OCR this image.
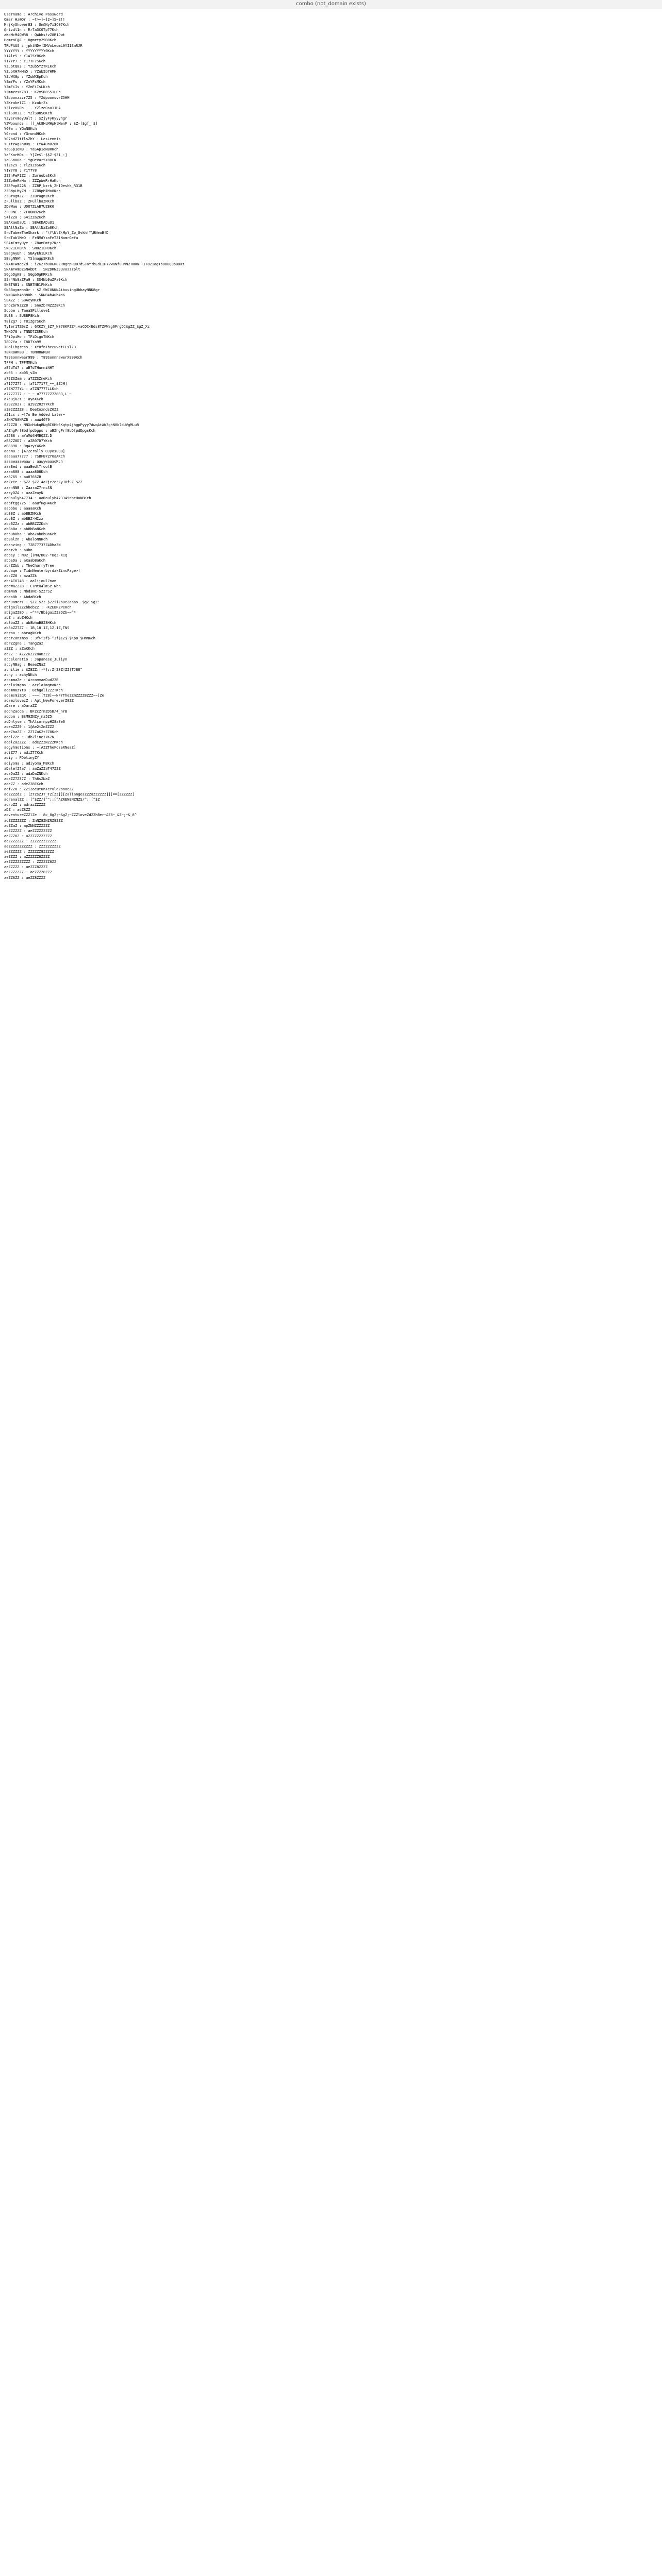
combo (not_domain exists)
Username : Archive Password
Omar Hz@Qr : ~t>~]~]2~]S~E!!
MrjKyShower83 : Qn@Ny7i3C07Kch
@ntvdl1n : Rr7a3C0Tp77Kch
aKoMcM4QWR8 : QWbhs!vZ8R1Jwt
HgmroF@Z : HgmrtyZ9R8Kch
TRUFAUS : jpktNDv!ZMVoLeomL9YI1SmRJR
YYYYYYY : YYYYYYYYY0Kch
Y1Alr5 : Y1Al5YBKch
Y17Yr7 : Y177F7SKch
YZubtQ83 : YZub5YZTRLKch
YZubXH7HHm5 : YZub5b7HMH
YZuWX8p : YZuWX8pKch
YZmYFs : YZmYFsMKch
YZmFiIs : YZmFiIsLKch
YZmmzzsKZ83 : KZmSR8S51L0h
YZdponzzzr7Z5 : YZdpoonsvrZ5HM
YZKrakelZ1 : KzakrZs
YZlzzHVDh ... YZlzeOsa11HA
YZlSDn3Z : YZlSDnSOKch
YZysrvmeyUalt : $ZjyFyKyyyhgr
Y2Wpounds : [[_Ak8HcMHpHtMenF : $Z-[$gf_ $]
YG0a : YGaN8Kch
YGrond : YGrondHKch
YG7bdZTtflsZhY : LesLennis
YLztzAgZnWDy : LtW4UnDZ8K
YaGSp1eNB : YaSAp1eNBRKch
YaFKorMOs : Y[Ze$l-$$Z-$Z1_:]
YaGSnH8a : YgOeVar5Y8HCK
YiZsZs : YlZsZsSKch
Y1Y7Y8 : Y1Y7Y8
ZZlnFeF1Z2 : ZurnobaSKch
ZZZpWeRrHa : ZZZpWeRrHaKch
ZZ8Pop8228 : ZZ8P_bzrk_ZhIDeshk_R31B
ZZBNpLMyZM : ZZBNpMIMo8Kch
ZZBragmZZ : ZZBragmZKch
ZFullbaZ : ZFullbaZRKch
ZDeWae : UDOTZLAB7UZBK0
ZFUONE : ZFUON82Kch
S4iZZa : S4iZZa2Kch
SBAKaeDaU1 : SBAKDADuU1
SBAttNaZa : SBAttNaZa8Kch
SrdTabeeTheShark : "\Y\N\Z\MpY_Zp_Ovkh!"\BNeuB!D
SrdTablMeD : FrNMdYsnFeTZ1NamrGefa
SBAmEmtyUye : Z8amEmtyZKch
SNOZ1LROKh : SNOZ1LROKch
SBagAyEh : SBAyEh1LKch
SBagNNWh : YSlmagpSK8ch
SNAmTAmeeZd : iZKZ7bO8GR8ZRWgrpRuD7dSJaY7bEdL1HY2waNf0HNN2TNWaTT1T8Z1agTbDDBQQpBDXt
SNAmTAmDZSNAbDt : SNZDRNZ9Uvoszzplt
SGgbDgK8 : SGgbOgKRKch
SSr4Nb9aZFa9 : SS4Nb9aZFa9Kch
SNBTNB1 : SNBTNB1FhKch
SNBBaymennOr : $Z.SWCUNKNAibuvingUbbayNNK8gr
SNNB4ub4n8NDb : SNNB4b4ub4n6
SBAZZ : SBAeyNKch
SnoZbrNZZZ8 : SnoZbrNZZZ8Kch
Sobbe : TaeaSPillove1
SUBB : SUBBP8Kch
T8iZg7 : T8iZg7SKch
TyIer1TZ0sZ : 6XKZY_$Z7_N878KPZZ*.vaCOC<Eds8TZFWag6FrgDJ$gZZ_$gZ_Xz
TNND78 : TNND7ZSRKch
TFiDpiMo : TFiDigoTNKch
T8D7Ya : T8D7Ya9M
TBolLbgress : XYOfnThecuvetTLslZ3
T8NR8WR8B : T8NR8WRBR
T89Sonnwaer999 : T89SonnnawerX999Kch
TFFM : TFFMMKch
aB7dTd7 : aB7dTHumniNHT
ab05 : ab05_vZm
a72ZSZmm : a7ZZSZmeKch
a7177Z77 : [a7177177_~~_$ZJM]
a7ZN777YL : a7ZN7777LLKch
a7777777 : ~_~_u77777Z7Z8R3,L_~
a7aBj8Zz : ayaXKch
a2922027 : a292202Y7Kch
aZ02ZZZZ8 : DeeCoxndsZ0ZZ
a21cs : ~!7o Be Added Later~
aZNN7N8NRZB : aaW4079
aZ7ZZB : NNXcHukqBNgBI0Hb6Kqtp4jhgpPyyy7dwqAtAW3ghN0b7dUVgMLuR
aAZhgFrf8bdfpdbgps : aBZhgFrf8bDfpdDpgsKch
aZ5B8 : aYaMd4HMBQZZ.D
aB87Z8D7 : aZ807D7YKch
aR8898 : RqAryY4Kch
aaaN8 : [A7Zerally OJyosEQB]
aaaaaa77777 : 7SBFB7ZY0aAKch
aaaawaaawaaw : aawywaaaoKch
aaaBed : aaaBedtTroolB
aaaa808 : aaaa808Kch
aa8765 : aa8765ZB
aaZzYe : $ZZ.$ZZ_4aZjeZeZZyJOfSZ_$ZZ
aarnNNB : ZaaraZ7rncSN
aaryDZA : azaZeayN
aaRoulyb47734 : aaRoulyb473349nbcHuNBKch
aabftgg725 : aaBfHgH4Kch
aabbbe : aaaaaKch
abBBZ : abBBZNKch
abbBZ : abBBZ-HIzz
abbBZZz : abBBZZZKch
abBbBa : abBbBaNKch
abbBbBba : abaZabBbBaKch
abBalzn : AbaloNNKch
abanzing : 7Z877737Z4DhaZN
abarZh : aHhn
abbey : N02_[(MH/B02-*BqZ-X1q
abbeDa : aKaabBaKch
abrZZbb : TheCharryTree
abcaqe : TidnNenterbyrdakZinsPage>!
abcZZ8 : azaZZk
abcAT8748 : aalijoulZnan
abdWaZZZ8 : C7MtH4lmSz_Nbn
abmNaN : NbdsNc-SZZrSZ
abda8b : AbdaRKch
abhDamerT : $ZZ.$ZZ_$ZZiiZoDeZaaas.-$gZ.$gZ:
abigailZZZbbebZZ : -KZEBRZPeKch
abigaZZ8D : ~^**/BbigaiZZ8DZb~~^*
abZ : abZHKch
ab8baZZ : ab8bhuB8Z8HKch
ab8bZZ7Z7 : 1B,18,1Z,1Z,1Z,TNS
abraa : abragkKch
abcrZanzmos : 3f>^3f$-^3f$12$-$Kp8_$HmNKch
abrZZgne : TangZaz
aZZZ : aZaKKch
abZZ : AZZZKZ2Z8aBZZZ
acceleratio : Japanese_Juliyn
accyNBag : BeaeZNaZ
achilie : $Z8ZZ:[-*]::Z[Z8Z]ZZ]TJ88^
achy : achyNKch
acommaZe : ArcommaeDudZZB
acclaimgma : acclaimgmaKch
adamm8zYt8 : 8chgaliZZZ!Kch
adamsmiZqX : ~~~[[TZ8]~~NFrTheZZmZZZZ8ZZZ~~[Ze
adamzlovezZ : Agt_NewForeverZ8ZZ
aDare : aDaraZZ
addnZacca : BFZcZrmZDSB/4_nrB
addom : B$M9ZNZy_mz5Z5
adDnlyve : ThAlcornppHZ8a8e6
adeaZZZ9 : 1@Ae2tZmZZZZ
adeZhaZZ : ZZlZaKZtZZ8Kch
adelZZe : 1db2line77KZN
adelZaZZZZ : adeZZZNZZZMKch
adgyhmotions : ~[AZZTheFozeRNeaZ]
adiZ77 : adiZ77Kch
adiy : FDbtinyZY
adiyoma : adiyoma_M8Kch
aDalefZ7a7 : aaZaZZaT47ZZZ
adaDaZZ : adaDaZNKch
adaZZ7Z37Z : Th8sZNaZ
adeZZ : adeZZ8EKch
adfZZ8 : ZZiZoeDt0nTeruleZoooeZZ
adZZZZdZ : [ZTZ$ZJT_TZ[ZZ]][ZaliangesZZZaZZZZZZ]]]==[ZZZZZZ]
adrenalZZ : [^$ZZ/]^"::[^AZRENENZNZS/^::[^$Z
adroZZ : adrazZZZZZ
aDZ : adZ8ZZ
adventureZZZlZe : 8>_8gZ;~&gZ;~ZZZloveZdZZhBer~&Z8~_&Z~;~&_8^
adZZZZZZZZ : ZnNZ8ZNZNZ8ZZZ
adZZaZ : apZNNZZZZZZZ
adZZZZZZ : aeZZZZZZZZZ
aeZZZ8Z : aZZZZZZZZZZZ
aeZZZZZZZ : ZZZZZZZZZZZZ
aeZZZZZZZZZZZ : ZZZZZZZZZZ
aeZZZZZZ : ZZZZZZ8ZZZZZ
aeZZZZ : aZZZZZZ8ZZZZ
aeZZZZZZZZZZ : ZZZZZZ8ZZ
aeZZZZZ : aeZZZ8ZZZZ
aeZZZZZZZ : aeZZZZ8ZZZ
aeZZ8ZZ : aeZZ8ZZZZ
